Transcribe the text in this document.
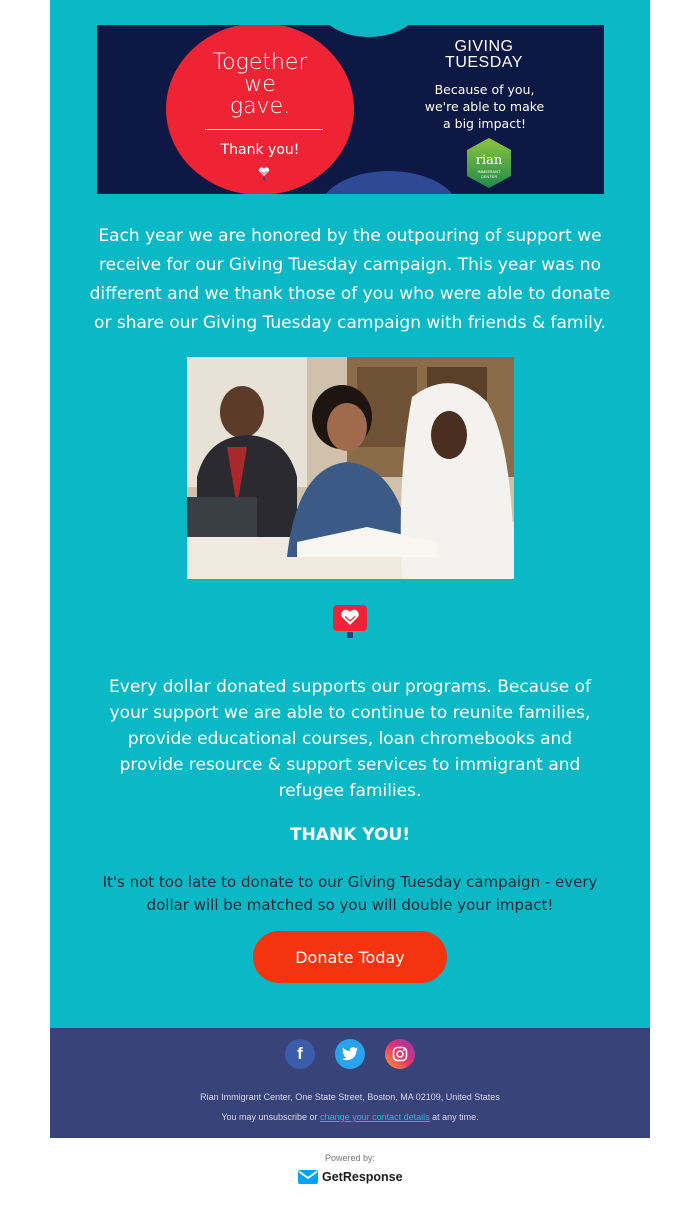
Together
we
gave.
Thank you!
GIVING
TUESDAY
Because of you,
we're able to make
a big impact!
rian
IMMIGRANT
CENTER
Each year we are honored by the outpouring of support we receive for our Giving Tuesday campaign. This year was no different and we thank those of you who were able to donate or share our Giving Tuesday campaign with friends & family.
Every dollar donated supports our programs. Because of your support we are able to continue to reunite families, provide educational courses, loan chromebooks and provide resource & support services to immigrant and refugee families.
THANK YOU!
It's not too late to donate to our Giving Tuesday campaign - every dollar will be matched so you will double your impact!
Donate Today
f
Rian Immigrant Center, One State Street, Boston, MA 02109, United States
You may unsubscribe or change your contact details at any time.
Powered by:
GetResponse
